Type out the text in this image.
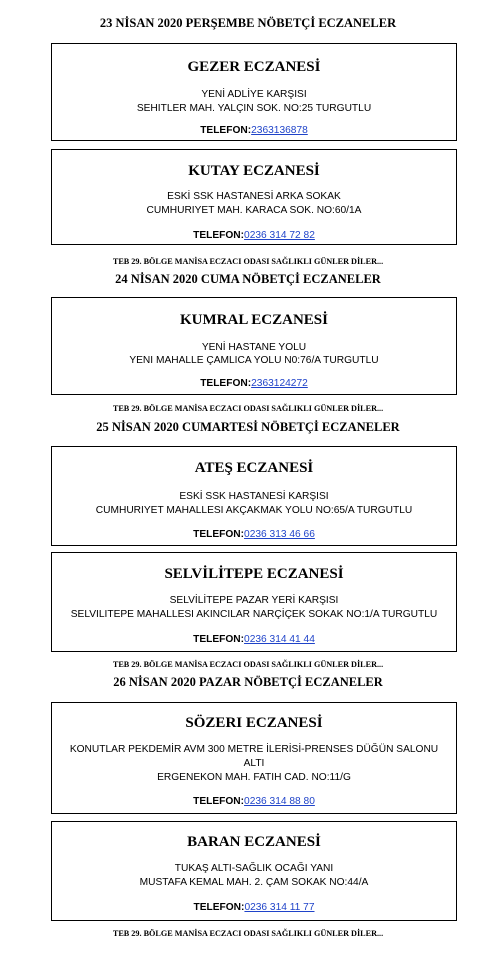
23 NİSAN 2020 PERŞEMBE NÖBETÇİ ECZANELER
GEZER ECZANESİ
YENİ ADLİYE KARŞISI
SEHITLER MAH. YALÇIN SOK. NO:25 TURGUTLU
TELEFON:2363136878
KUTAY ECZANESİ
ESKİ SSK HASTANESİ ARKA SOKAK
CUMHURIYET MAH. KARACA SOK. NO:60/1A
TELEFON:0236 314 72 82
TEB 29. BÖLGE MANİSA ECZACI ODASI SAĞLIKLI GÜNLER DİLER...
24 NİSAN 2020 CUMA NÖBETÇİ ECZANELER
KUMRAL ECZANESİ
YENİ HASTANE YOLU
YENI MAHALLE ÇAMLICA YOLU N0:76/A TURGUTLU
TELEFON:2363124272
TEB 29. BÖLGE MANİSA ECZACI ODASI SAĞLIKLI GÜNLER DİLER...
25 NİSAN 2020 CUMARTESİ NÖBETÇİ ECZANELER
ATEŞ ECZANESİ
ESKİ SSK HASTANESİ KARŞISI
CUMHURIYET MAHALLESI AKÇAKMAK YOLU NO:65/A TURGUTLU
TELEFON:0236 313 46 66
SELVİLİTEPE ECZANESİ
SELVİLİTEPE PAZAR YERİ KARŞISI
SELVILITEPE MAHALLESI AKINCILAR NARÇİÇEK SOKAK NO:1/A TURGUTLU
TELEFON:0236 314 41 44
TEB 29. BÖLGE MANİSA ECZACI ODASI SAĞLIKLI GÜNLER DİLER...
26 NİSAN 2020 PAZAR NÖBETÇİ ECZANELER
SÖZERI ECZANESİ
KONUTLAR PEKDEMİR AVM 300 METRE İLERİSİ-PRENSES DÜĞÜN SALONU
ALTI
ERGENEKON MAH. FATIH CAD. NO:11/G
TELEFON:0236 314 88 80
BARAN ECZANESİ
TUKAŞ ALTI-SAĞLIK OCAĞI YANI
MUSTAFA KEMAL MAH. 2. ÇAM SOKAK NO:44/A
TELEFON:0236 314 11 77
TEB 29. BÖLGE MANİSA ECZACI ODASI SAĞLIKLI GÜNLER DİLER...
